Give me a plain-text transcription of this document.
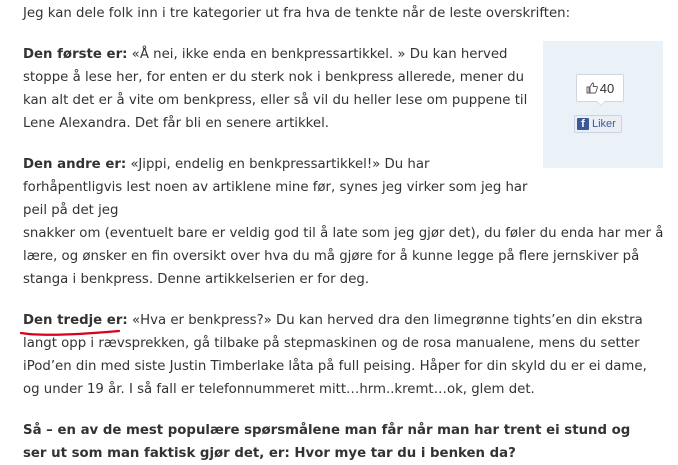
Jeg kan dele folk inn i tre kategorier ut fra hva de tenkte når de leste overskriften:

Den første er: «Å nei, ikke enda en benkpressartikkel. » Du kan herved stoppe å lese her, for enten er du sterk nok i benkpress allerede, mener du kan alt det er å vite om benkpress, eller så vil du heller lese om puppene til Lene Alexandra. Det får bli en senere artikkel.

Den andre er: «Jippi, endelig en benkpressartikkel!» Du har forhåpentligvis lest noen av artiklene mine før, synes jeg virker som jeg har peil på det jeg
snakker om (eventuelt bare er veldig god til å late som jeg gjør det), du føler du enda har mer å lære, og ønsker en fin oversikt over hva du må gjøre for å kunne legge på flere jernskiver på stanga i benkpress. Denne artikkelserien er for deg.

Den tredje er
: «Hva er benkpress?» Du kan herved dra den limegrønne tights’en din ekstra langt opp i rævsprekken, gå tilbake på stepmaskinen og de rosa manualene, mens du setter iPod’en din med siste Justin Timberlake låta på full peising. Håper for din skyld du er ei dame, og under 19 år. I så fall er telefonnummeret mitt…hrm..kremt…ok, glem det.

Så – en av de mest populære spørsmålene man får når man har trent ei stund og ser ut som man faktisk gjør det, er: Hvor mye tar du i benken da?

40
f Liker
